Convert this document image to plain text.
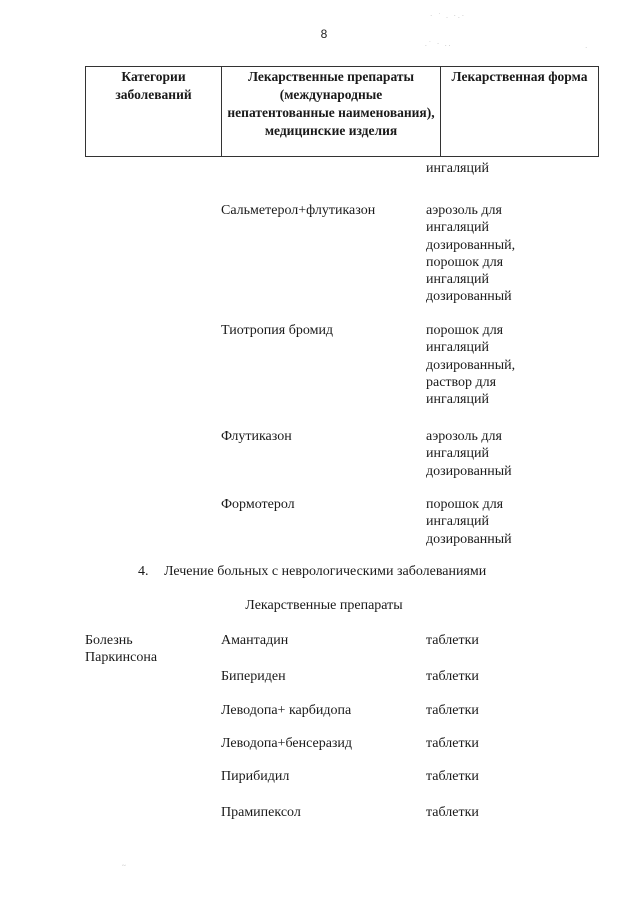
· ˙ . ·.·
.˙ · ..	·
8
Категории заболеваний	Лекарственные препараты (международные непатентованные наименования), медицинские изделия	Лекарственная форма
ингаляций
Сальметерол+флутиказон	аэрозоль для
ингаляций
дозированный,
порошок для
ингаляций
дозированный
Тиотропия бромид	порошок для
ингаляций
дозированный,
раствор для
ингаляций
Флутиказон	аэрозоль для
ингаляций
дозированный
Формотерол	порошок для
ингаляций
дозированный
4. Лечение больных с неврологическими заболеваниями
Лекарственные препараты
Болезнь
Паркинсона
Амантадин	таблетки
Бипериден	таблетки
Леводопа+ карбидопа	таблетки
Леводопа+бенсеразид	таблетки
Пирибидил	таблетки
Прамипексол	таблетки
~
